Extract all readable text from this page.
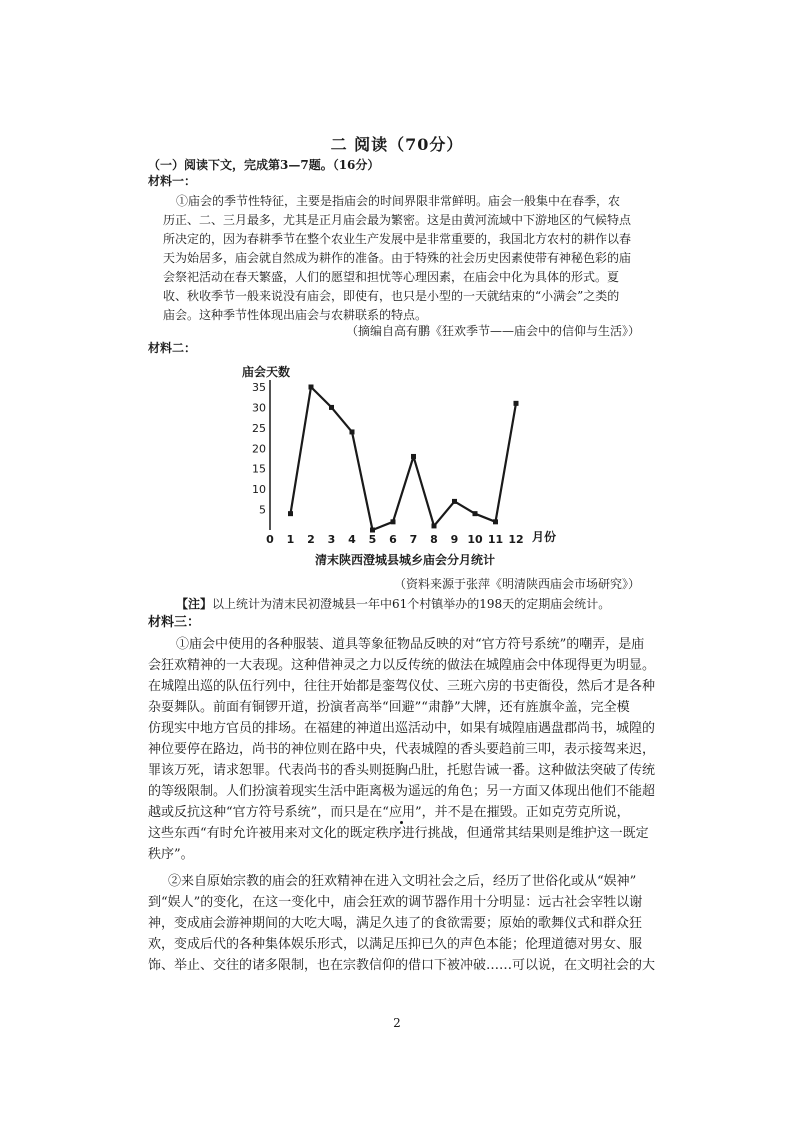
二 阅读（70分）
（一）阅读下文，完成第3—7题。（16分）
材料一：
①庙会的季节性特征，主要是指庙会的时间界限非常鲜明。庙会一般集中在春季，农
历正、二、三月最多，尤其是正月庙会最为繁密。这是由黄河流域中下游地区的气候特点
所决定的，因为春耕季节在整个农业生产发展中是非常重要的，我国北方农村的耕作以春
天为始居多，庙会就自然成为耕作的准备。由于特殊的社会历史因素使带有神秘色彩的庙
会祭祀活动在春天繁盛，人们的愿望和担忧等心理因素，在庙会中化为具体的形式。夏
收、秋收季节一般来说没有庙会，即使有，也只是小型的一天就结束的“小满会”之类的
庙会。这种季节性体现出庙会与农耕联系的特点。
（摘编自高有鹏《狂欢季节——庙会中的信仰与生活》）
材料二：
庙会天数
5
10
15
20
25
30
35
0 1 2 3 4 5 6 7 8 9 10 11 12 月份
清末陕西澄城县城乡庙会分月统计
（资料来源于张萍《明清陕西庙会市场研究》）
【注】以上统计为清末民初澄城县一年中61个村镇举办的198天的定期庙会统计。
材料三：
①庙会中使用的各种服装、道具等象征物品反映的对“官方符号系统”的嘲弄，是庙
会狂欢精神的一大表现。这种借神灵之力以反传统的做法在城隍庙会中体现得更为明显。
在城隍出巡的队伍行列中，往往开始都是銮驾仪仗、三班六房的书吏衙役，然后才是各种
杂耍舞队。前面有铜锣开道，扮演者高举“回避”“肃静”大牌，还有旌旗伞盖，完全模
仿现实中地方官员的排场。在福建的神道出巡活动中，如果有城隍庙遇盘郡尚书，城隍的
神位要停在路边，尚书的神位则在路中央，代表城隍的香头要趋前三叩，表示接驾来迟，
罪该万死，请求恕罪。代表尚书的香头则挺胸凸肚，托慰告诫一番。这种做法突破了传统
的等级限制。人们扮演着现实生活中距离极为遥远的角色；另一方面又体现出他们不能超
越或反抗这种“官方符号系统”，而只是在“应用”，并不是在摧毁。正如克劳克所说，
这些东西“有时允许被用来对文化的既定秩序进行挑战，但通常其结果则是维护这一既定
秩序”。
②来自原始宗教的庙会的狂欢精神在进入文明社会之后，经历了世俗化或从“娱神”
到“娱人”的变化，在这一变化中，庙会狂欢的调节器作用十分明显：远古社会宰牲以谢
神，变成庙会游神期间的大吃大喝，满足久违了的食欲需要；原始的歌舞仪式和群众狂
欢，变成后代的各种集体娱乐形式，以满足压抑已久的声色本能；伦理道德对男女、服
饰、举止、交往的诸多限制，也在宗教信仰的借口下被冲破……可以说，在文明社会的大
2
